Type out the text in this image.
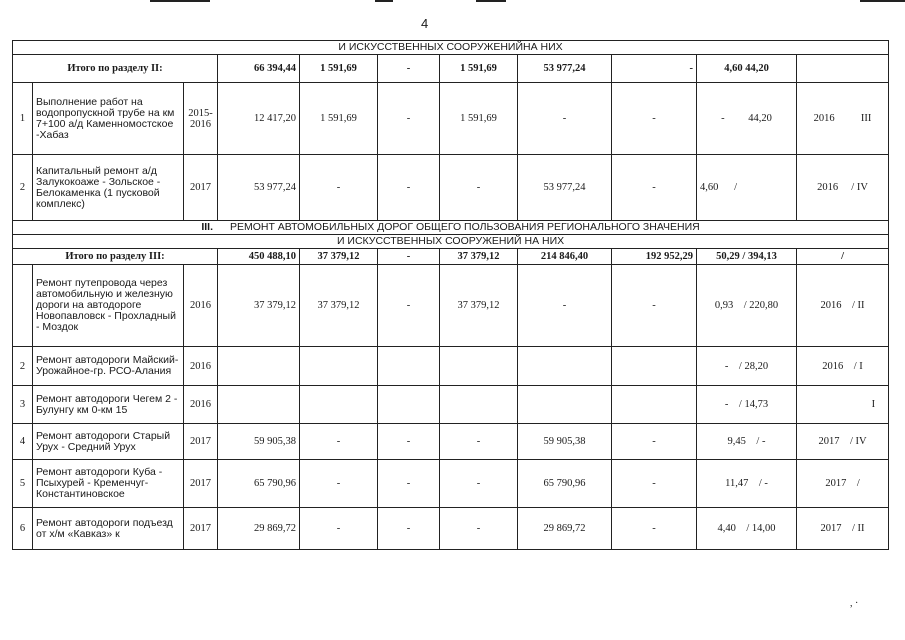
4
И ИСКУССТВЕННЫХ СООРУЖЕНИЙНА НИХ										
Итого по разделу II:			66 394,44	1 591,69	-	1 591,69	53 977,24	-	4,60 44,20	
1	Выполнение работ на водопропускной трубе на км 7+100 а/д Каменномостское -Хабаз	2015-2016	12 417,20	1 591,69	-	1 591,69	-	-	- 44,20	2016 III
2	Капитальный ремонт а/д Залукокоаже - Зольское - Белокаменка (1 пусковой комплекс)	2017	53 977,24	-	-	-	53 977,24	-	4,60 /	2016 / IV
III. РЕМОНТ АВТОМОБИЛЬНЫХ ДОРОГ ОБЩЕГО ПОЛЬЗОВАНИЯ РЕГИОНАЛЬНОГО ЗНАЧЕНИЯ										
И ИСКУССТВЕННЫХ СООРУЖЕНИЙ НА НИХ										
Итого по разделу III:			450 488,10	37 379,12	-	37 379,12	214 846,40	192 952,29	50,29 / 394,13	/
	Ремонт путепровода через автомобильную и железную дороги на автодороге Новопавловск - Прохладный - Моздок	2016	37 379,12	37 379,12	-	37 379,12	-	-	0,93 / 220,80	2016 / II
2	Ремонт автодороги Майский-Урожайное-гр. РСО-Алания	2016							- / 28,20	2016 / I
3	Ремонт автодороги Чегем 2 - Булунгу км 0-км 15	2016							- / 14,73	I
4	Ремонт автодороги Старый Урух - Средний Урух	2017	59 905,38	-	-	-	59 905,38	-	9,45 / -	2017 / IV
5	Ремонт автодороги Куба - Псыхурей - Кременчуг-Константиновское	2017	65 790,96	-	-	-	65 790,96	-	11,47 / -	2017 /
6	Ремонт автодороги подъезд от х/м «Кавказ» к	2017	29 869,72	-	-	-	29 869,72	-	4,40 / 14,00	2017 / II
, ·
